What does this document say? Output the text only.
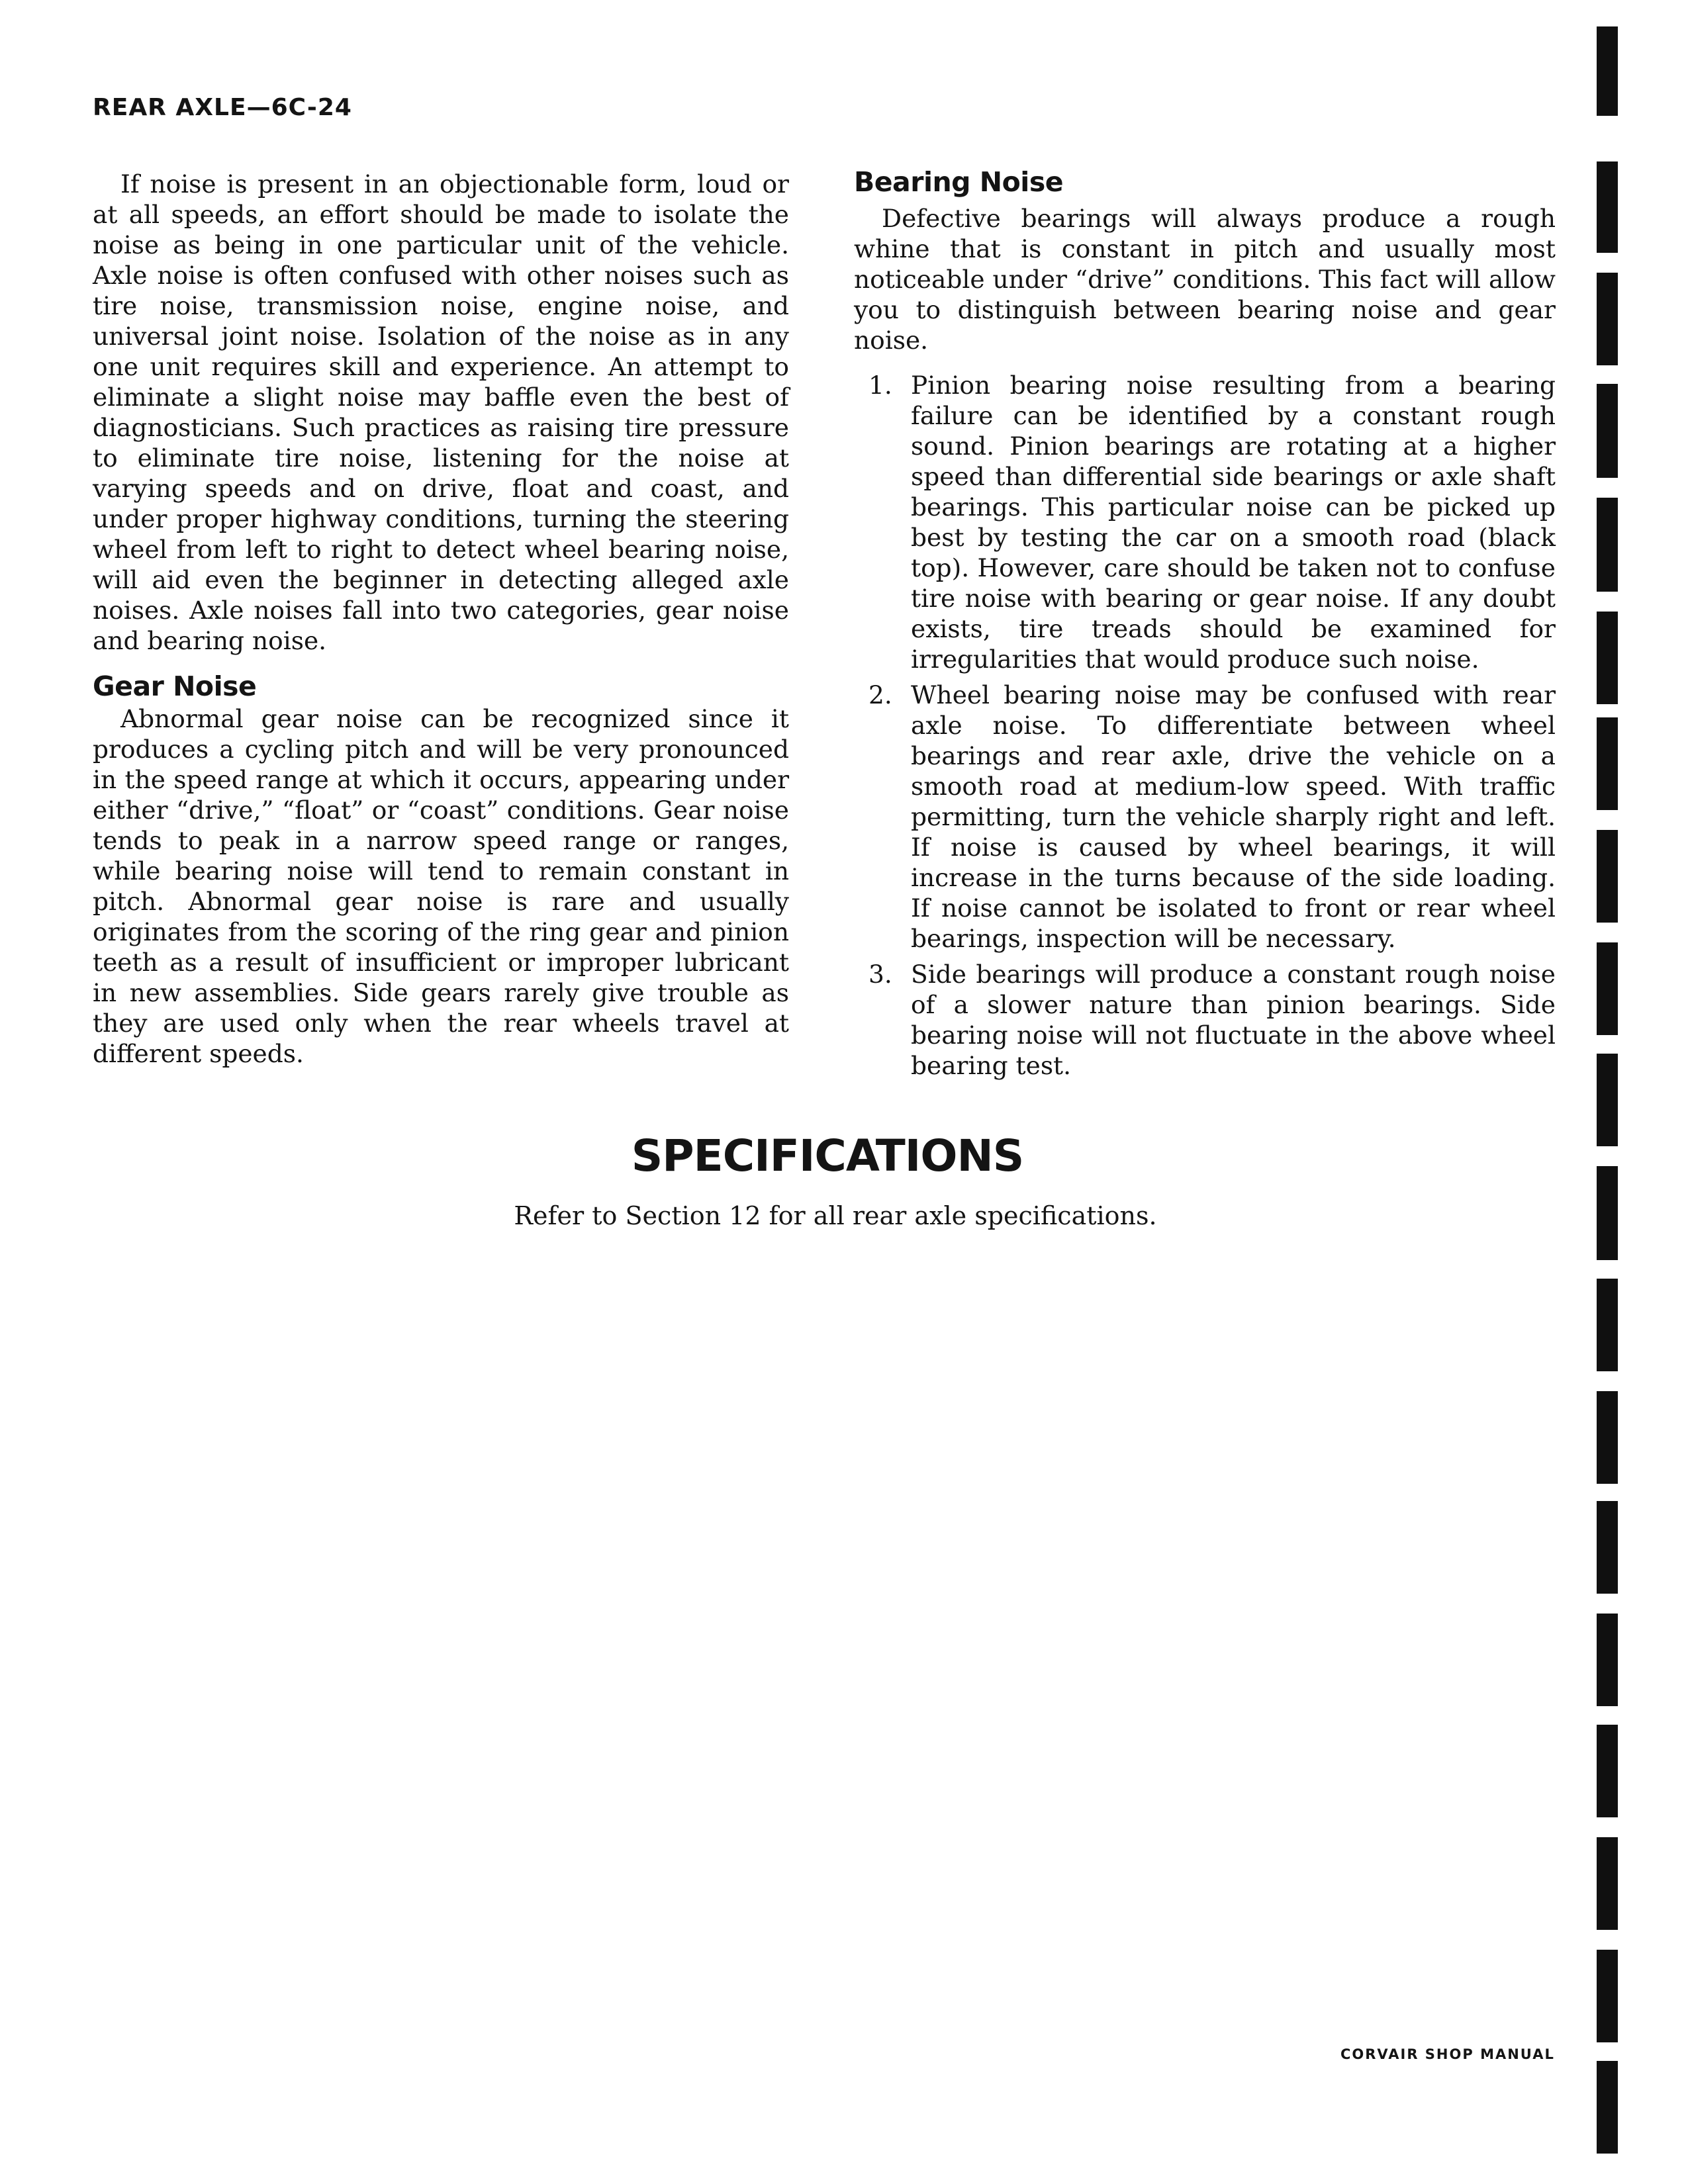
REAR AXLE—6C-24

If noise is present in an objectionable form, loud or at all speeds, an effort should be made to isolate the noise as being in one particular unit of the vehicle. Axle noise is often confused with other noises such as tire noise, transmission noise, engine noise, and universal joint noise. Isolation of the noise as in any one unit requires skill and experience. An attempt to eliminate a slight noise may baffle even the best of diagnosticians. Such practices as raising tire pressure to eliminate tire noise, listening for the noise at varying speeds and on drive, float and coast, and under proper highway conditions, turning the steering wheel from left to right to detect wheel bearing noise, will aid even the beginner in detecting alleged axle noises. Axle noises fall into two categories, gear noise and bearing noise.

Gear Noise

Abnormal gear noise can be recognized since it produces a cycling pitch and will be very pronounced in the speed range at which it occurs, appearing under either “drive,” “float” or “coast” conditions. Gear noise tends to peak in a narrow speed range or ranges, while bearing noise will tend to remain constant in pitch. Abnormal gear noise is rare and usually originates from the scoring of the ring gear and pinion teeth as a result of insufficient or improper lubricant in new assemblies. Side gears rarely give trouble as they are used only when the rear wheels travel at different speeds.

Bearing Noise

Defective bearings will always produce a rough whine that is constant in pitch and usually most noticeable under “drive” conditions. This fact will allow you to distinguish between bearing noise and gear noise.

1. Pinion bearing noise resulting from a bearing failure can be identified by a constant rough sound. Pinion bearings are rotating at a higher speed than differential side bearings or axle shaft bearings. This particular noise can be picked up best by testing the car on a smooth road (black top). However, care should be taken not to confuse tire noise with bearing or gear noise. If any doubt exists, tire treads should be examined for irregularities that would produce such noise.
2. Wheel bearing noise may be confused with rear axle noise. To differentiate between wheel bearings and rear axle, drive the vehicle on a smooth road at medium-low speed. With traffic permitting, turn the vehicle sharply right and left. If noise is caused by wheel bearings, it will increase in the turns because of the side loading. If noise cannot be isolated to front or rear wheel bearings, inspection will be necessary.
3. Side bearings will produce a constant rough noise of a slower nature than pinion bearings. Side bearing noise will not fluctuate in the above wheel bearing test.
SPECIFICATIONS
Refer to Section 12 for all rear axle specifications.
CORVAIR SHOP MANUAL
